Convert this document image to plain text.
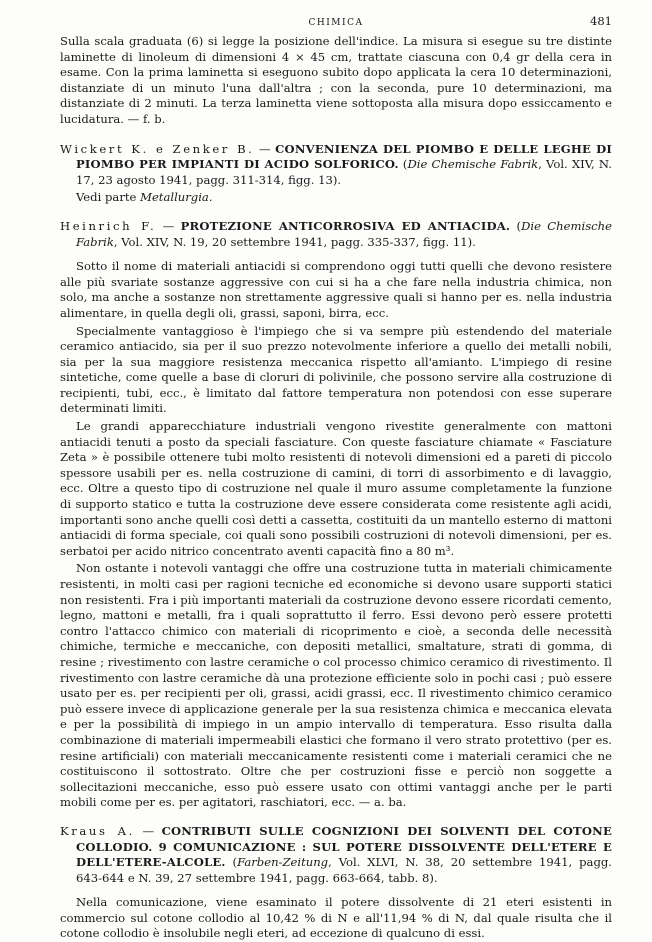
CHIMICA	481

Sulla scala graduata (6) si legge la posizione dell'indice. La misura si esegue su tre distinte laminette di linoleum di dimensioni 4 × 45 cm, trattate ciascuna con 0,4 gr della cera in esame. Con la prima laminetta si eseguono subito dopo applicata la cera 10 determinazioni, distanziate di un minuto l'una dall'altra ; con la seconda, pure 10 determinazioni, ma distanziate di 2 minuti. La terza laminetta viene sottoposta alla misura dopo essiccamento e lucidatura. — f. b.

Wickert K. e Zenker B. — CONVENIENZA DEL PIOMBO E DELLE LEGHE DI PIOMBO PER IMPIANTI DI ACIDO SOLFORICO. (Die Chemische Fabrik, Vol. XIV, N. 17, 23 agosto 1941, pagg. 311-314, figg. 13).

Vedi parte Metallurgia.

Heinrich F. — PROTEZIONE ANTICORROSIVA ED ANTIACIDA. (Die Chemische Fabrik, Vol. XIV, N. 19, 20 settembre 1941, pagg. 335-337, figg. 11).

Sotto il nome di materiali antiacidi si comprendono oggi tutti quelli che devono resistere alle più svariate sostanze aggressive con cui si ha a che fare nella industria chimica, non solo, ma anche a sostanze non strettamente aggressive quali si hanno per es. nella industria alimentare, in quella degli oli, grassi, saponi, birra, ecc.

Specialmente vantaggioso è l'impiego che si va sempre più estendendo del materiale ceramico antiacido, sia per il suo prezzo notevolmente inferiore a quello dei metalli nobili, sia per la sua maggiore resistenza meccanica rispetto all'amianto. L'impiego di resine sintetiche, come quelle a base di cloruri di polivinile, che possono servire alla costruzione di recipienti, tubi, ecc., è limitato dal fattore temperatura non potendosi con esse superare determinati limiti.

Le grandi apparecchiature industriali vengono rivestite generalmente con mattoni antiacidi tenuti a posto da speciali fasciature. Con queste fasciature chiamate « Fasciature Zeta » è possibile ottenere tubi molto resistenti di notevoli dimensioni ed a pareti di piccolo spessore usabili per es. nella costruzione di camini, di torri di assorbimento e di lavaggio, ecc. Oltre a questo tipo di costruzione nel quale il muro assume completamente la funzione di supporto statico e tutta la costruzione deve essere considerata come resistente agli acidi, importanti sono anche quelli così detti a cassetta, costituiti da un mantello esterno di mattoni antiacidi di forma speciale, coi quali sono possibili costruzioni di notevoli dimensioni, per es. serbatoi per acido nitrico concentrato aventi capacità fino a 80 m³.

Non ostante i notevoli vantaggi che offre una costruzione tutta in materiali chimicamente resistenti, in molti casi per ragioni tecniche ed economiche si devono usare supporti statici non resistenti. Fra i più importanti materiali da costruzione devono essere ricordati cemento, legno, mattoni e metalli, fra i quali soprattutto il ferro. Essi devono però essere protetti contro l'attacco chimico con materiali di ricoprimento e cioè, a seconda delle necessità chimiche, termiche e meccaniche, con depositi metallici, smaltature, strati di gomma, di resine ; rivestimento con lastre ceramiche o col processo chimico ceramico di rivestimento. Il rivestimento con lastre ceramiche dà una protezione efficiente solo in pochi casi ; può essere usato per es. per recipienti per oli, grassi, acidi grassi, ecc. Il rivestimento chimico ceramico può essere invece di applicazione generale per la sua resistenza chimica e meccanica elevata e per la possibilità di impiego in un ampio intervallo di temperatura. Esso risulta dalla combinazione di materiali impermeabili elastici che formano il vero strato protettivo (per es. resine artificiali) con materiali meccanicamente resistenti come i materiali ceramici che ne costituiscono il sottostrato. Oltre che per costruzioni fisse e perciò non soggette a sollecitazioni meccaniche, esso può essere usato con ottimi vantaggi anche per le parti mobili come per es. per agitatori, raschiatori, ecc. — a. ba.

Kraus A. — CONTRIBUTI SULLE COGNIZIONI DEI SOLVENTI DEL COTONE COLLODIO. 9 COMUNICAZIONE : SUL POTERE DISSOLVENTE DELL'ETERE E DELL'ETERE-ALCOLE. (Farben-Zeitung, Vol. XLVI, N. 38, 20 settembre 1941, pagg. 643-644 e N. 39, 27 settembre 1941, pagg. 663-664, tabb. 8).

Nella comunicazione, viene esaminato il potere dissolvente di 21 eteri esistenti in commercio sul cotone collodio al 10,42 % di N e all'11,94 % di N, dal quale risulta che il cotone collodio è insolubile negli eteri, ad eccezione di qualcuno di essi.
